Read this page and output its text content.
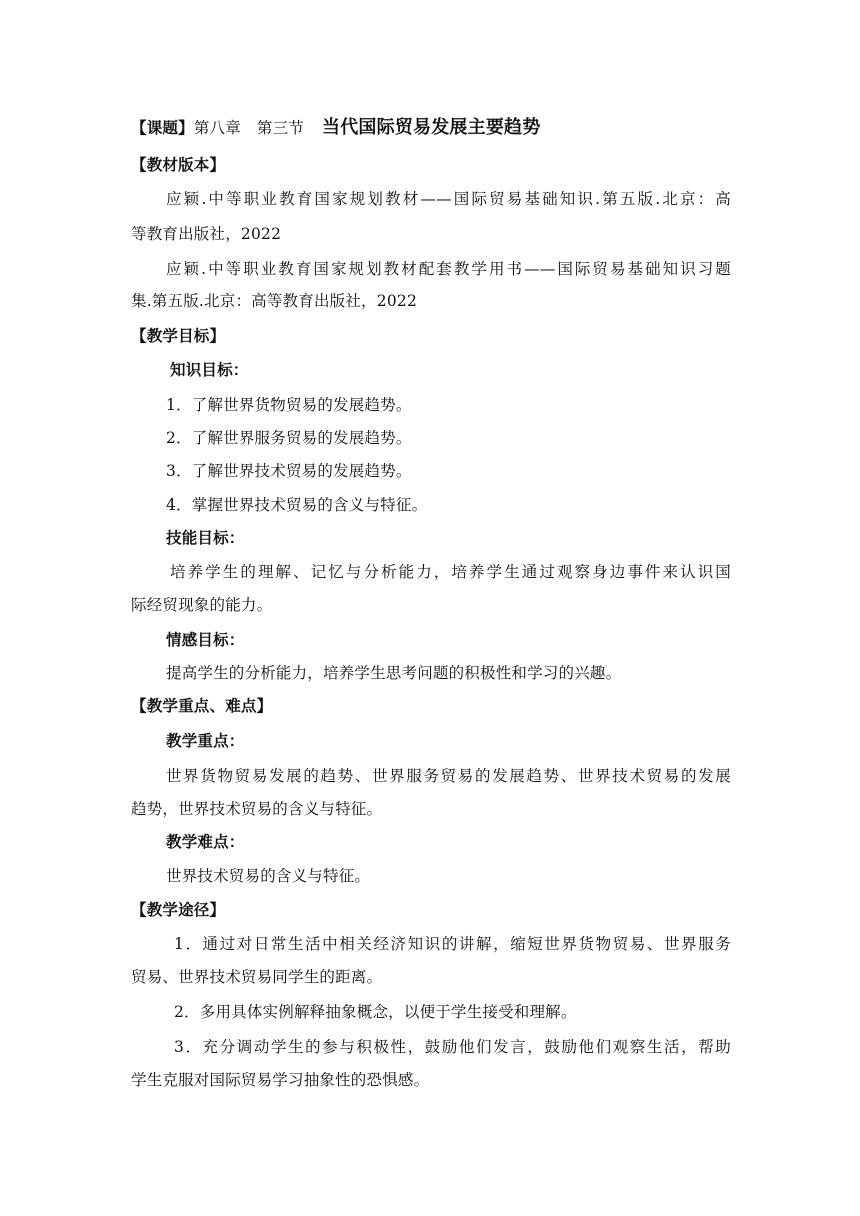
【课题】第八章 第三节 当代国际贸易发展主要趋势
【教材版本】
应颖.中等职业教育国家规划教材——国际贸易基础知识.第五版.北京：高
等教育出版社，2022
应颖.中等职业教育国家规划教材配套教学用书——国际贸易基础知识习题
集.第五版.北京：高等教育出版社，2022
【教学目标】
知识目标：
1．了解世界货物贸易的发展趋势。
2．了解世界服务贸易的发展趋势。
3．了解世界技术贸易的发展趋势。
4．掌握世界技术贸易的含义与特征。
技能目标：
培养学生的理解、记忆与分析能力，培养学生通过观察身边事件来认识国
际经贸现象的能力。
情感目标：
提高学生的分析能力，培养学生思考问题的积极性和学习的兴趣。
【教学重点、难点】
教学重点：
世界货物贸易发展的趋势、世界服务贸易的发展趋势、世界技术贸易的发展
趋势，世界技术贸易的含义与特征。
教学难点：
世界技术贸易的含义与特征。
【教学途径】
1．通过对日常生活中相关经济知识的讲解，缩短世界货物贸易、世界服务
贸易、世界技术贸易同学生的距离。
2．多用具体实例解释抽象概念，以便于学生接受和理解。
3．充分调动学生的参与积极性，鼓励他们发言，鼓励他们观察生活，帮助
学生克服对国际贸易学习抽象性的恐惧感。
